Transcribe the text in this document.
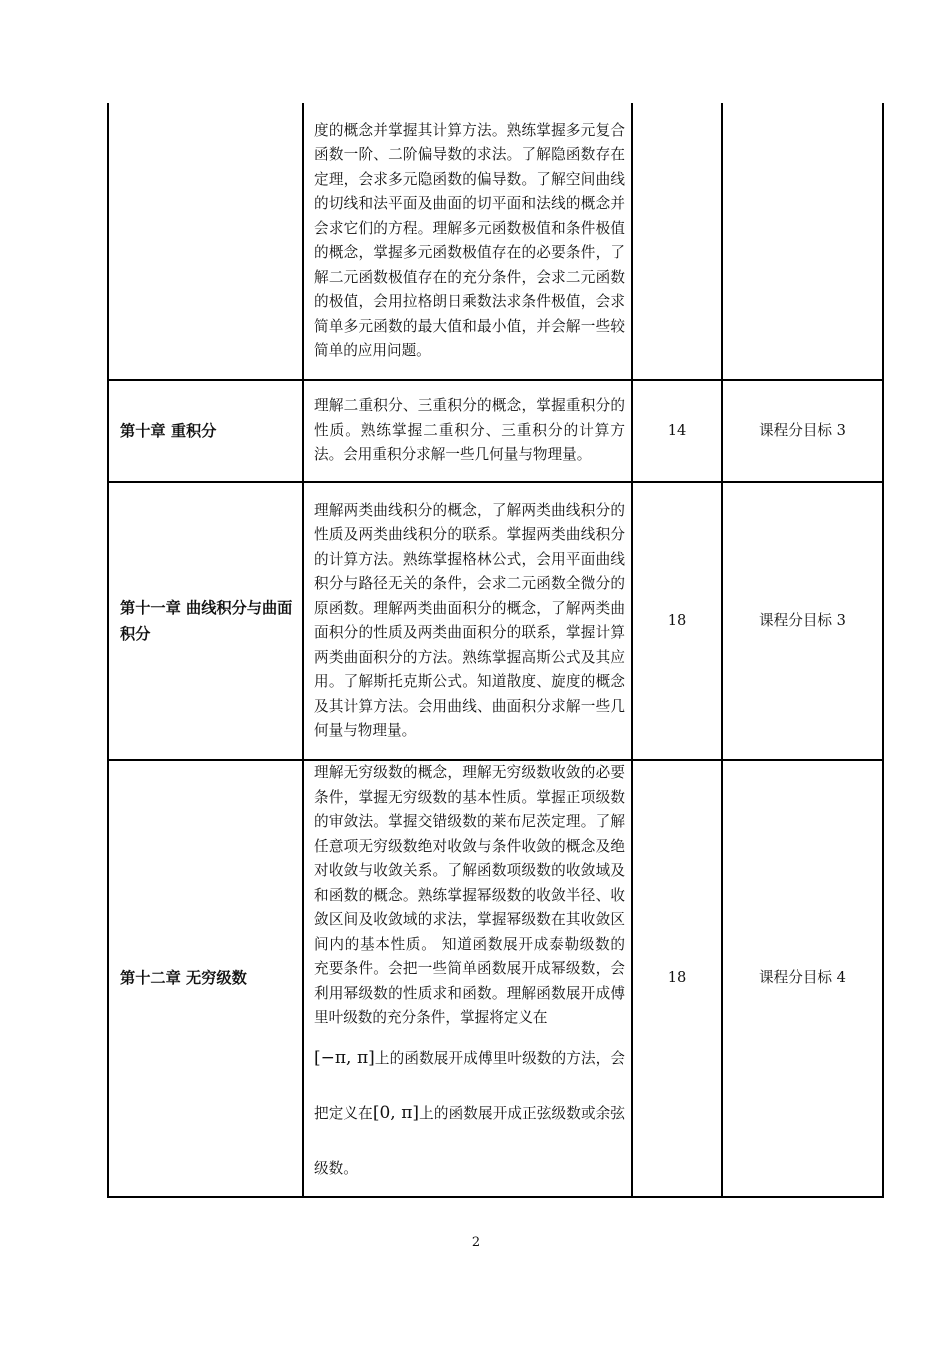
	度的概念并掌握其计算方法。熟练掌握多元复合函数一阶、二阶偏导数的求法。了解隐函数存在定理，会求多元隐函数的偏导数。了解空间曲线的切线和法平面及曲面的切平面和法线的概念并会求它们的方程。理解多元函数极值和条件极值的概念，掌握多元函数极值存在的必要条件，了解二元函数极值存在的充分条件，会求二元函数的极值，会用拉格朗日乘数法求条件极值，会求简单多元函数的最大值和最小值，并会解一些较简单的应用问题。		
第十章 重积分	理解二重积分、三重积分的概念，掌握重积分的性质。熟练掌握二重积分、三重积分的计算方法。会用重积分求解一些几何量与物理量。	14	课程分目标 3
第十一章 曲线积分与曲面积分	理解两类曲线积分的概念，了解两类曲线积分的性质及两类曲线积分的联系。掌握两类曲线积分的计算方法。熟练掌握格林公式，会用平面曲线积分与路径无关的条件，会求二元函数全微分的原函数。理解两类曲面积分的概念，了解两类曲面积分的性质及两类曲面积分的联系，掌握计算两类曲面积分的方法。熟练掌握高斯公式及其应用。了解斯托克斯公式。知道散度、旋度的概念及其计算方法。会用曲线、曲面积分求解一些几何量与物理量。	18	课程分目标 3
第十二章 无穷级数	理解无穷级数的概念，理解无穷级数收敛的必要条件，掌握无穷级数的基本性质。掌握正项级数的审敛法。掌握交错级数的莱布尼茨定理。了解任意项无穷级数绝对收敛与条件收敛的概念及绝对收敛与收敛关系。了解函数项级数的收敛域及和函数的概念。熟练掌握幂级数的收敛半径、收敛区间及收敛域的求法，掌握幂级数在其收敛区间内的基本性质。 知道函数展开成泰勒级数的充要条件。会把一些简单函数展开成幂级数，会利用幂级数的性质求和函数。理解函数展开成傅里叶级数的充分条件，掌握将定义在
[−π, π]上的函数展开成傅里叶级数的方法，会把定义在[0, π]上的函数展开成正弦级数或余弦级数。	18	课程分目标 4
2
